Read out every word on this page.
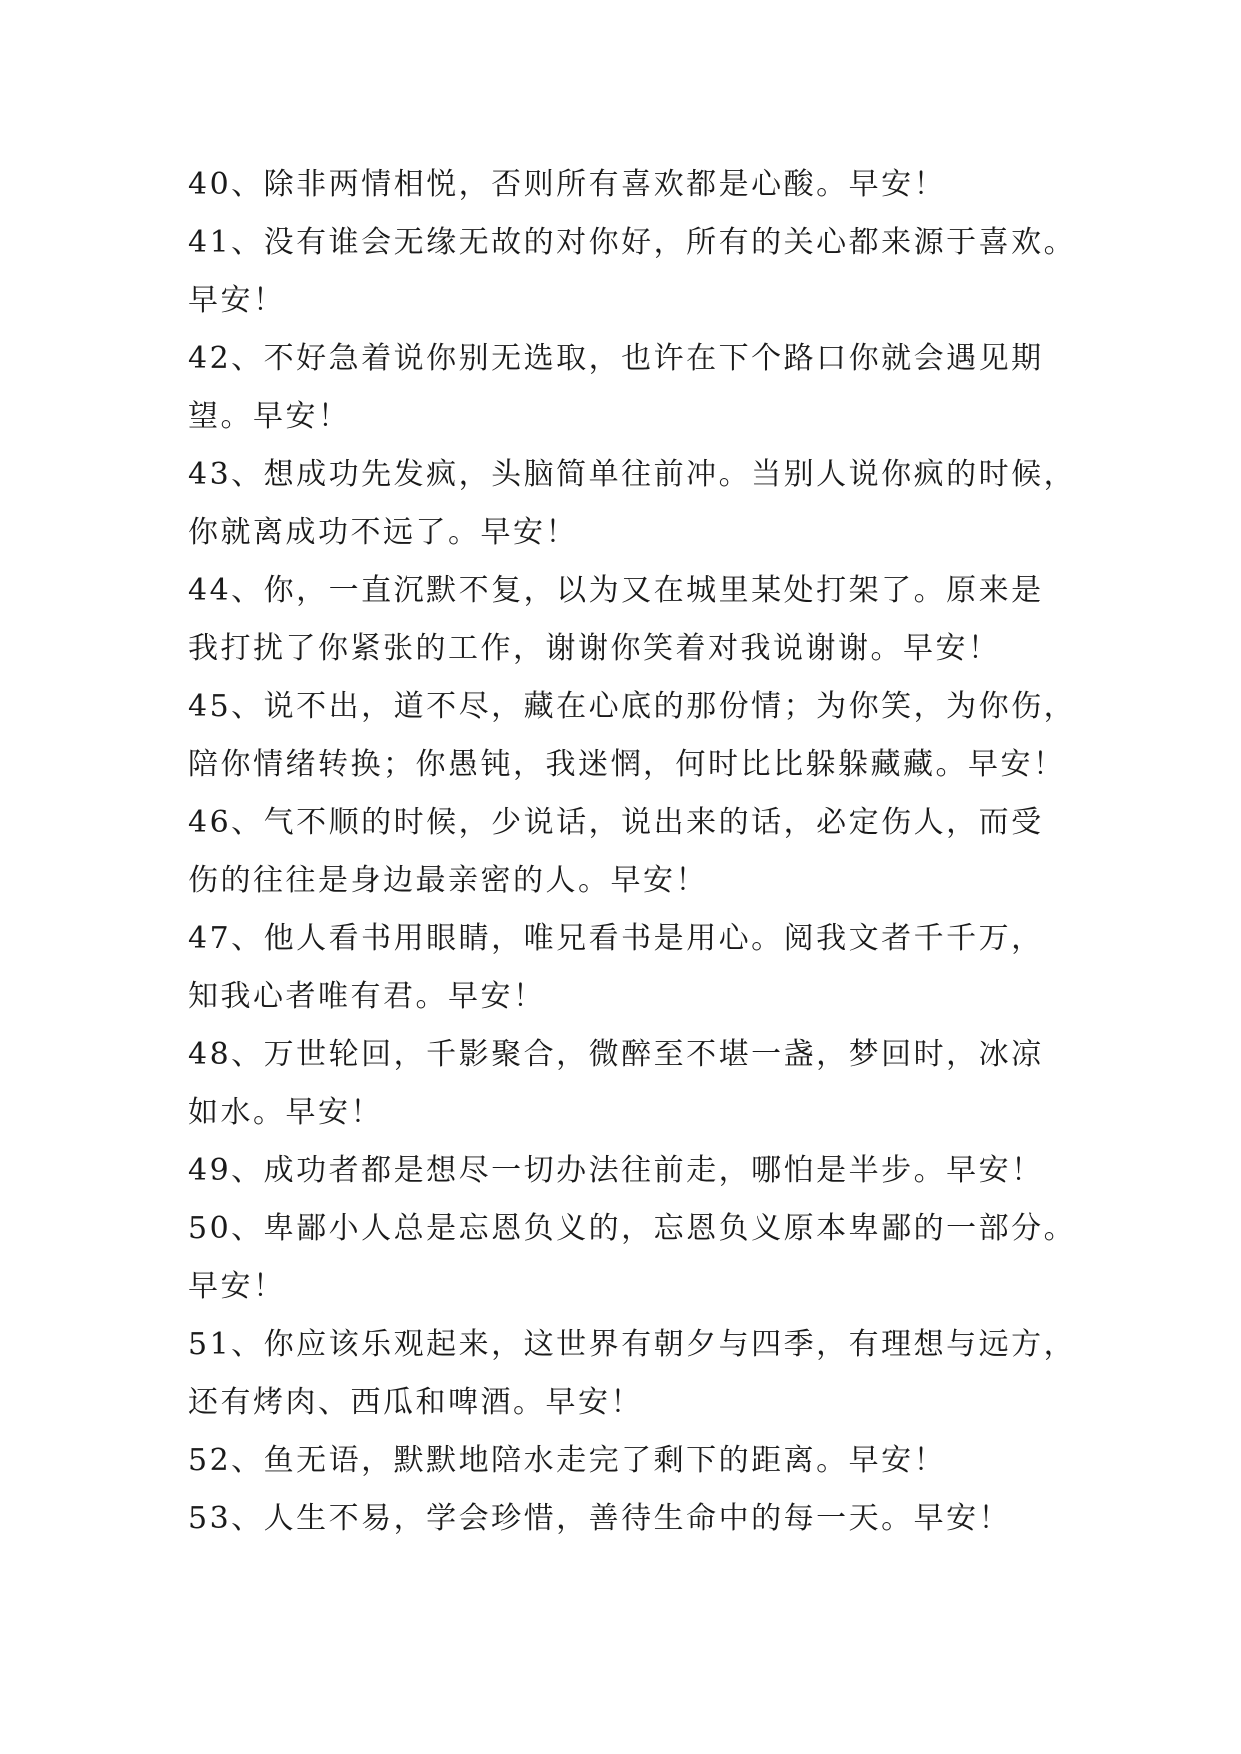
40、除非两情相悦，否则所有喜欢都是心酸。早安！
41、没有谁会无缘无故的对你好，所有的关心都来源于喜欢。
早安！
42、不好急着说你别无选取，也许在下个路口你就会遇见期
望。早安！
43、想成功先发疯，头脑简单往前冲。当别人说你疯的时候，
你就离成功不远了。早安！
44、你，一直沉默不复，以为又在城里某处打架了。原来是
我打扰了你紧张的工作，谢谢你笑着对我说谢谢。早安！
45、说不出，道不尽，藏在心底的那份情；为你笑，为你伤，
陪你情绪转换；你愚钝，我迷惘，何时比比躲躲藏藏。早安！
46、气不顺的时候，少说话，说出来的话，必定伤人，而受
伤的往往是身边最亲密的人。早安！
47、他人看书用眼睛，唯兄看书是用心。阅我文者千千万，
知我心者唯有君。早安！
48、万世轮回，千影聚合，微醉至不堪一盏，梦回时，冰凉
如水。早安！
49、成功者都是想尽一切办法往前走，哪怕是半步。早安！
50、卑鄙小人总是忘恩负义的，忘恩负义原本卑鄙的一部分。
早安！
51、你应该乐观起来，这世界有朝夕与四季，有理想与远方，
还有烤肉、西瓜和啤酒。早安！
52、鱼无语，默默地陪水走完了剩下的距离。早安！
53、人生不易，学会珍惜，善待生命中的每一天。早安！
